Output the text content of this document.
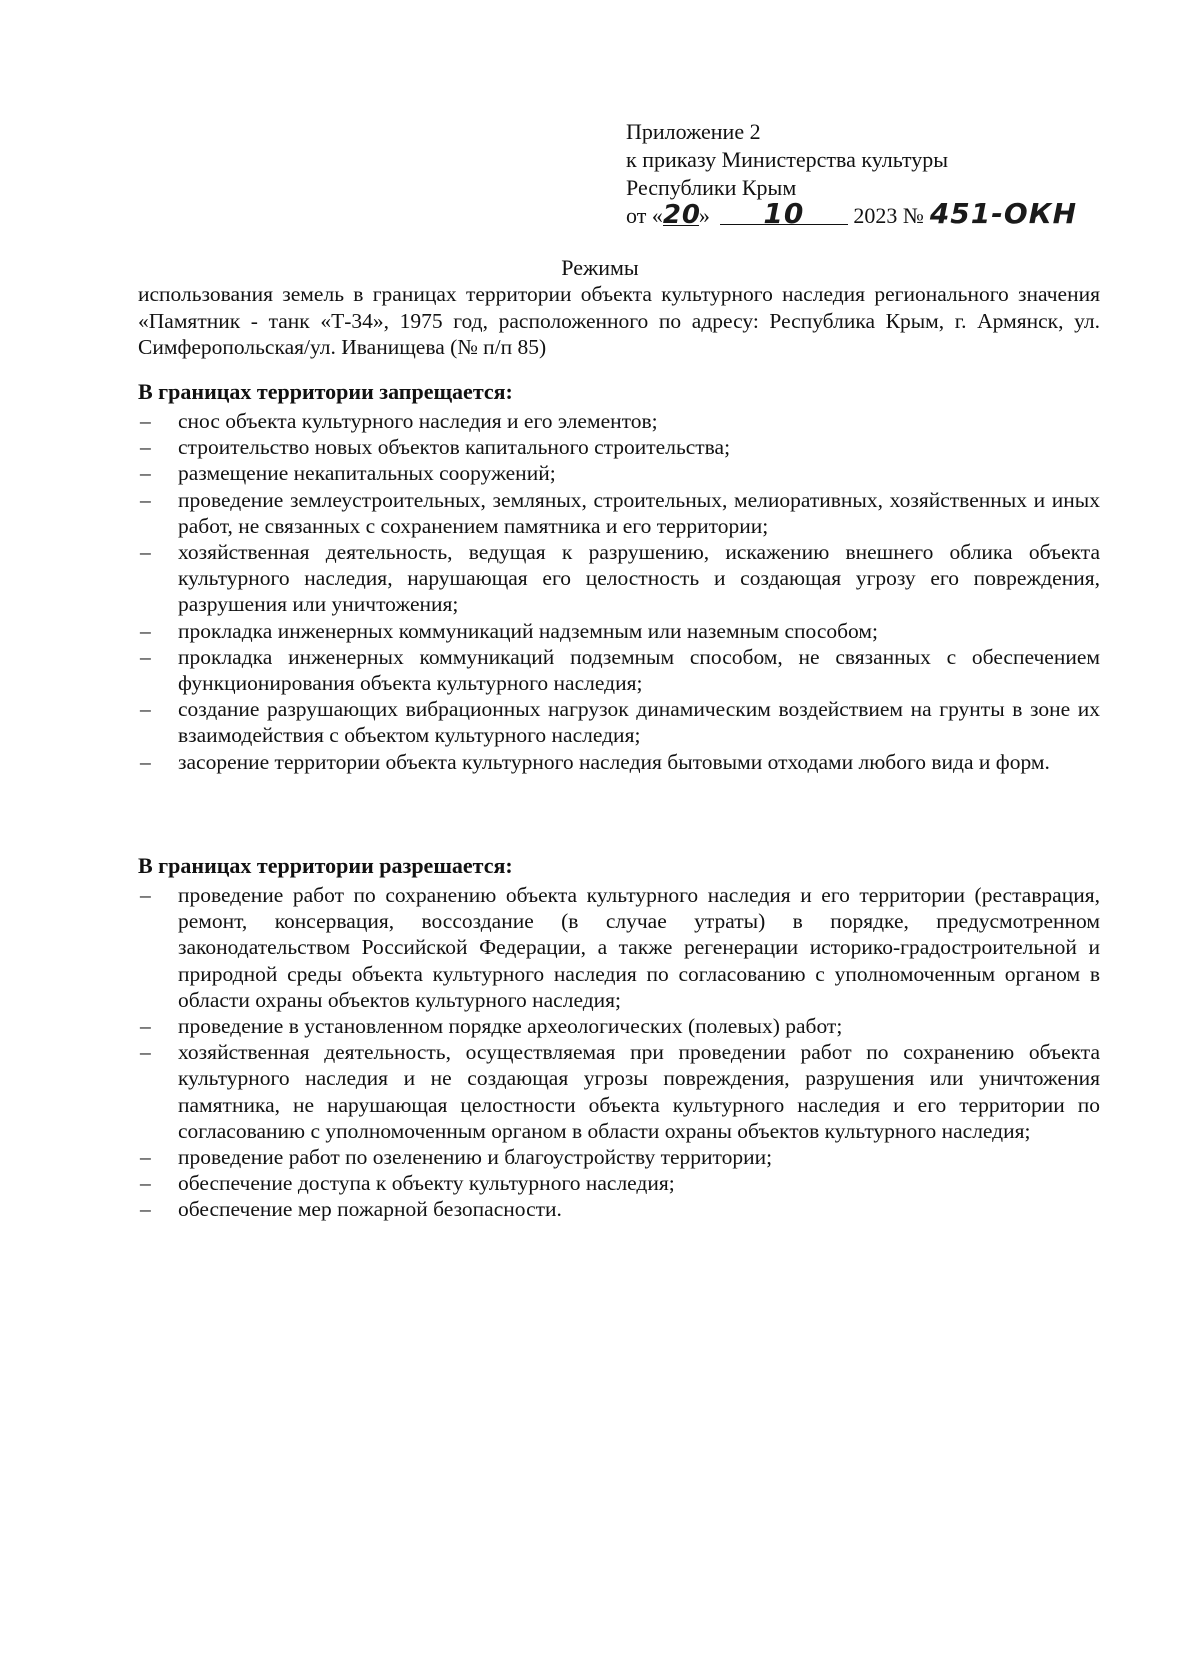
Приложение 2
к приказу Министерства культуры
Республики Крым
от «20» 10 2023 № 451-ОКН
Режимы
использования земель в границах территории объекта культурного наследия регионального значения «Памятник - танк «Т-34», 1975 год, расположенного по адресу: Республика Крым, г. Армянск, ул. Симферопольская/ул. Иванищева (№ п/п 85)
В границах территории запрещается:
– снос объекта культурного наследия и его элементов;
– строительство новых объектов капитального строительства;
– размещение некапитальных сооружений;
– проведение землеустроительных, земляных, строительных, мелиоративных, хозяйственных и иных работ, не связанных с сохранением памятника и его территории;
– хозяйственная деятельность, ведущая к разрушению, искажению внешнего облика объекта культурного наследия, нарушающая его целостность и создающая угрозу его повреждения, разрушения или уничтожения;
– прокладка инженерных коммуникаций надземным или наземным способом;
– прокладка инженерных коммуникаций подземным способом, не связанных с обеспечением функционирования объекта культурного наследия;
– создание разрушающих вибрационных нагрузок динамическим воздействием на грунты в зоне их взаимодействия с объектом культурного наследия;
– засорение территории объекта культурного наследия бытовыми отходами любого вида и форм.
В границах территории разрешается:
– проведение работ по сохранению объекта культурного наследия и его территории (реставрация, ремонт, консервация, воссоздание (в случае утраты) в порядке, предусмотренном законодательством Российской Федерации, а также регенерации историко-градостроительной и природной среды объекта культурного наследия по согласованию с уполномоченным органом в области охраны объектов культурного наследия;
– проведение в установленном порядке археологических (полевых) работ;
– хозяйственная деятельность, осуществляемая при проведении работ по сохранению объекта культурного наследия и не создающая угрозы повреждения, разрушения или уничтожения памятника, не нарушающая целостности объекта культурного наследия и его территории по согласованию с уполномоченным органом в области охраны объектов культурного наследия;
– проведение работ по озеленению и благоустройству территории;
– обеспечение доступа к объекту культурного наследия;
– обеспечение мер пожарной безопасности.
